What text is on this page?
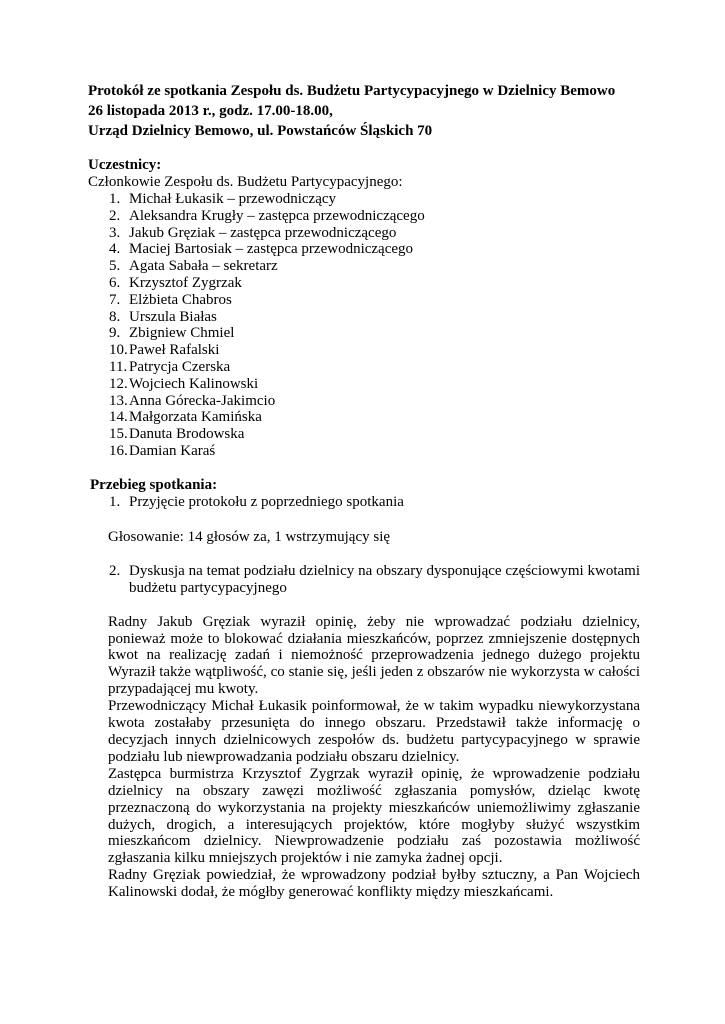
Protokół ze spotkania Zespołu ds. Budżetu Partycypacyjnego w Dzielnicy Bemowo
26 listopada 2013 r., godz. 17.00-18.00,
Urząd Dzielnicy Bemowo, ul. Powstańców Śląskich 70
Uczestnicy:
Członkowie Zespołu ds. Budżetu Partycypacyjnego:
1. Michał Łukasik – przewodniczący
2. Aleksandra Krugły – zastępca przewodniczącego
3. Jakub Gręziak – zastępca przewodniczącego
4. Maciej Bartosiak – zastępca przewodniczącego
5. Agata Sabała – sekretarz
6. Krzysztof Zygrzak
7. Elżbieta Chabros
8. Urszula Białas
9. Zbigniew Chmiel
10. Paweł Rafalski
11. Patrycja Czerska
12. Wojciech Kalinowski
13. Anna Górecka-Jakimcio
14. Małgorzata Kamińska
15. Danuta Brodowska
16. Damian Karaś
Przebieg spotkania:
1. Przyjęcie protokołu z poprzedniego spotkania
Głosowanie: 14 głosów za, 1 wstrzymujący się
2. Dyskusja na temat podziału dzielnicy na obszary dysponujące częściowymi kwotami budżetu partycypacyjnego
Radny Jakub Gręziak wyraził opinię, żeby nie wprowadzać podziału dzielnicy, ponieważ może to blokować działania mieszkańców, poprzez zmniejszenie dostępnych kwot na realizację zadań i niemożność przeprowadzenia jednego dużego projektu Wyraził także wątpliwość, co stanie się, jeśli jeden z obszarów nie wykorzysta w całości przypadającej mu kwoty.
Przewodniczący Michał Łukasik poinformował, że w takim wypadku niewykorzystana kwota zostałaby przesunięta do innego obszaru. Przedstawił także informację o decyzjach innych dzielnicowych zespołów ds. budżetu partycypacyjnego w sprawie podziału lub niewprowadzania podziału obszaru dzielnicy.
Zastępca burmistrza Krzysztof Zygrzak wyraził opinię, że wprowadzenie podziału dzielnicy na obszary zawęzi możliwość zgłaszania pomysłów, dzieląc kwotę przeznaczoną do wykorzystania na projekty mieszkańców uniemożliwimy zgłaszanie dużych, drogich, a interesujących projektów, które mogłyby służyć wszystkim mieszkańcom dzielnicy. Niewprowadzenie podziału zaś pozostawia możliwość zgłaszania kilku mniejszych projektów i nie zamyka żadnej opcji.
Radny Gręziak powiedział, że wprowadzony podział byłby sztuczny, a Pan Wojciech Kalinowski dodał, że mógłby generować konflikty między mieszkańcami.
